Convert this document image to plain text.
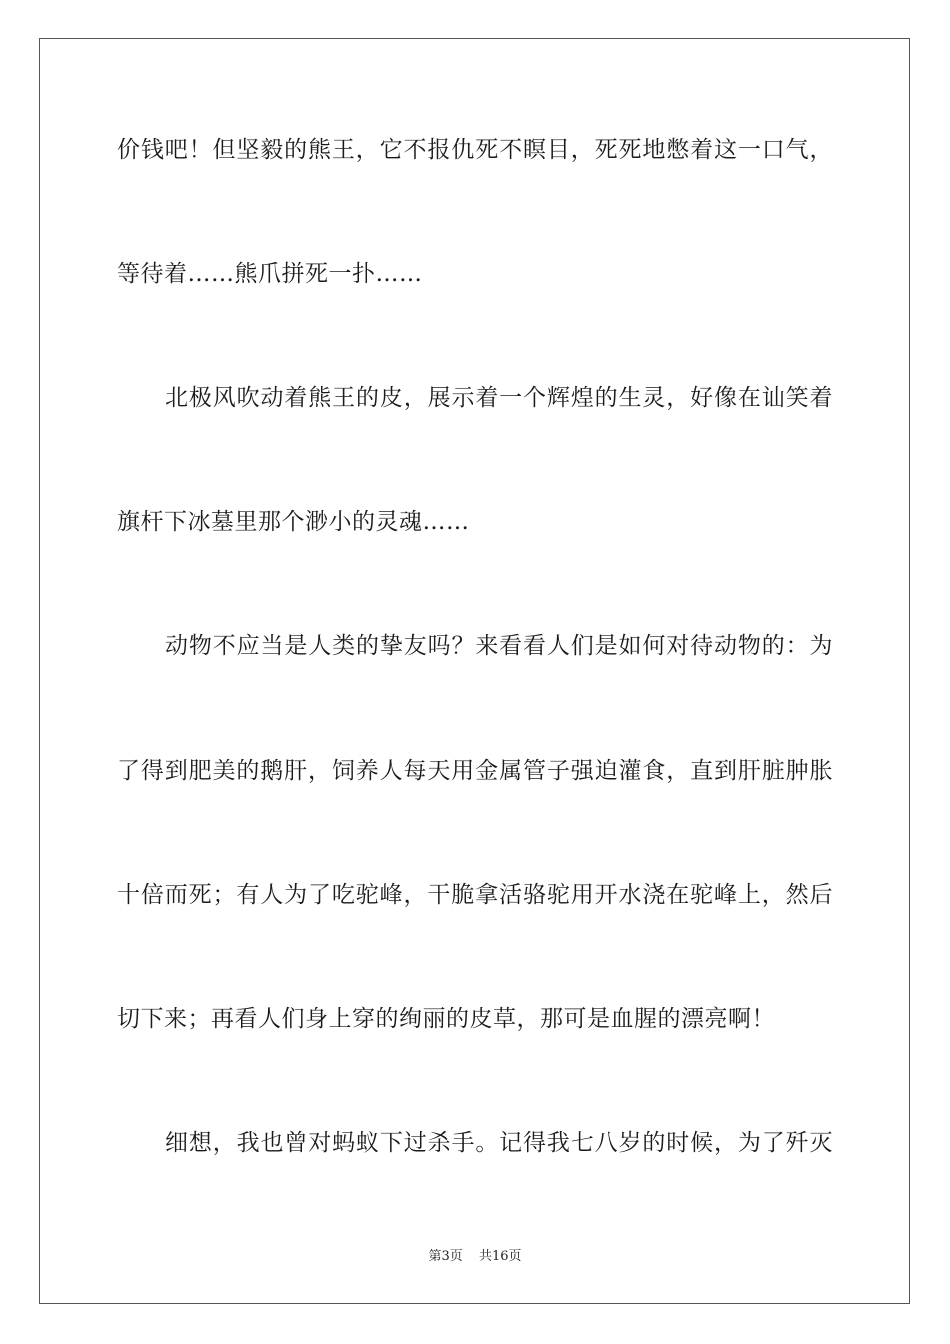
价钱吧！但坚毅的熊王，它不报仇死不瞑目，死死地憋着这一口气，
等待着……熊爪拼死一扑……
北极风吹动着熊王的皮，展示着一个辉煌的生灵，好像在讪笑着
旗杆下冰墓里那个渺小的灵魂……
动物不应当是人类的挚友吗？来看看人们是如何对待动物的：为
了得到肥美的鹅肝，饲养人每天用金属管子强迫灌食，直到肝脏肿胀
十倍而死；有人为了吃驼峰，干脆拿活骆驼用开水浇在驼峰上，然后
切下来；再看人们身上穿的绚丽的皮草，那可是血腥的漂亮啊！
细想，我也曾对蚂蚁下过杀手。记得我七八岁的时候，为了歼灭
第3页 共16页
